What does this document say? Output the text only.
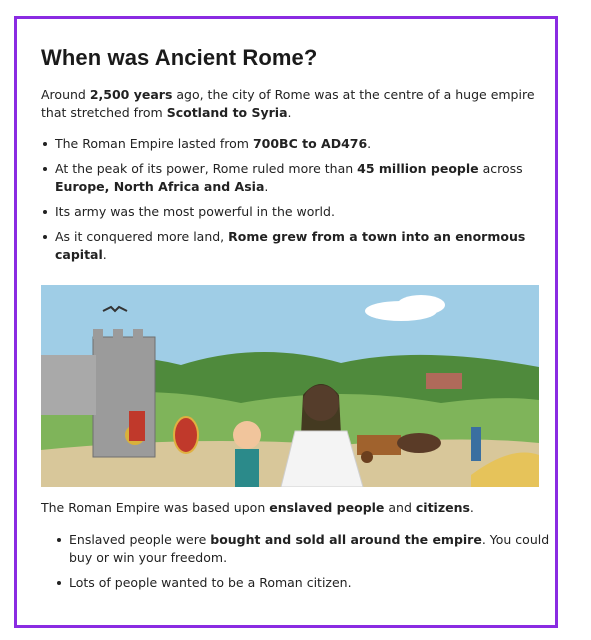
When was Ancient Rome?

Around 2,500 years ago, the city of Rome was at the centre of a huge empire that stretched from Scotland to Syria.

The Roman Empire lasted from 700BC to AD476.
At the peak of its power, Rome ruled more than 45 million people across Europe, North Africa and Asia.
Its army was the most powerful in the world.
As it conquered more land, Rome grew from a town into an enormous capital.

The Roman Empire was based upon enslaved people and citizens.

Enslaved people were bought and sold all around the empire. You could buy or win your freedom.
Lots of people wanted to be a Roman citizen.
